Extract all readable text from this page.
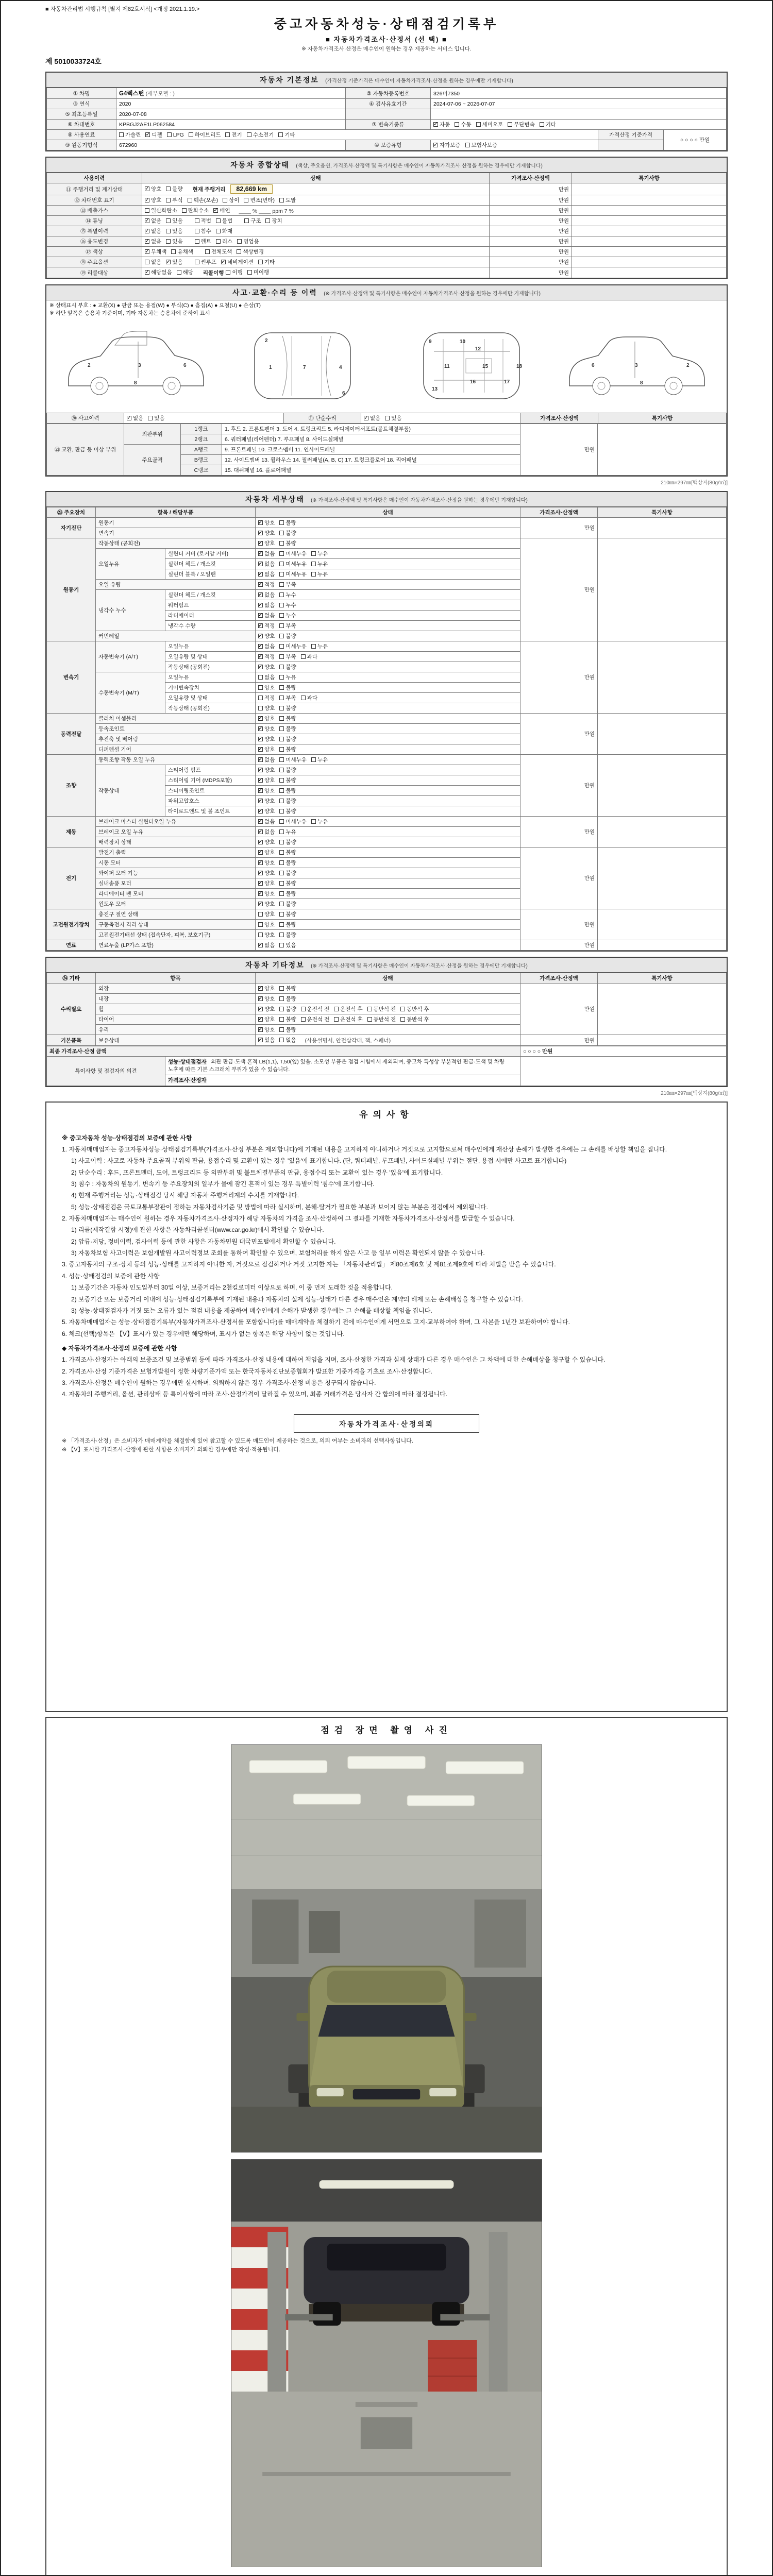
■ 자동차관리법 시행규칙 [별지 제82호서식] <개정 2021.1.19.>
중고자동차성능·상태점검기록부
■ 자동차가격조사·산정서 (선 택) ■
※ 자동차가격조사·산정은 매수인이 원하는 경우 제공하는 서비스 입니다.
제 5010033724호
자동차 기본정보 (가격산정 기준가격은 매수인이 자동차가격조사·산정을 원하는 경우에만 기재합니다)
① 차명	G4렉스턴 (세부모델 : )	② 자동차등록번호	326머7350		
③ 연식	2020	④ 검사유효기간	2024-07-06 ~ 2026-07-07		
⑤ 최초등록일	2020-07-08				
⑥ 차대번호	KPBGJ2AE1LP062584	⑦ 변속기종류	
✓자동 수동 세미오토 무단변속 기타

⑧ 사용연료	가솔린 ✓ 디젤 LPG 하이브리드 전기 수소전기 기타	가격산정 기준가격	○ ○ ○ ○ 만원
⑨ 원동기형식	672960	⑩ 보증유형	
✓자가보증 보험사보증

자동차 종합상태 (색상, 주요옵션, 가격조사·산정액 및 특기사항은 매수인이 자동차가격조사·산정을 원하는 경우에만 기재합니다)
사용이력	상태	가격조사·산정액	특기사항
⑪ 주행거리 및 계기상태	
✓양호 불량 현재 주행거리 82,669 km	만원	
⑫ 차대번호 표기	
✓양호 부식 훼손(오손) 상이 변조(변타) 도말	만원	
⑬ 배출가스	일산화탄소 탄화수소 ✓ 매연 ____ % ____ ppm 7 %	만원	
⑭ 튜닝	
✓없음 있음	적법 불법	구조 장치	만원	
⑮ 특별이력	
✓없음 있음 침수 화재	만원	
⑯ 용도변경	
✓없음 있음 렌트 리스 영업용	만원	
⑰ 색상	
✓무채색 유채색 전체도색 색상변경	만원	
⑱ 주요옵션	없음 ✓ 있음 썬루프 ✓ 네비게이션 기타	만원	
⑲ 리콜대상	
✓해당없음 해당 리콜이행 이행 미이행	만원	
사고·교환·수리 등 이력 (※ 가격조사·산정액 및 특기사항은 매수인이 자동차가격조사·산정을 원하는 경우에만 기재합니다)
※ 상태표시 부호 : ● 교환(X) ● 판금 또는 용접(W) ● 부식(C) ● 흠집(A) ● 요철(U) ● 손상(T)
※ 하단 앞쪽은 승용차 기준이며, 기타 자동차는 승용차에 준하여 표시
2	3	6
8
1	7	4
2
6
9	10
11
12
13
15
16	17
18	2
3
6
8
⑳ 사고이력	
✓없음 있음	㉑ 단순수리	
✓없음 있음	가격조사·산정액	특기사항
㉒ 교환, 판금 등 이상 부위	외판부위	1랭크	1. 후드 2. 프론트펜더 3. 도어 4. 트렁크리드 5. 라디에이터서포트(볼트체결부품)	만원	
		2랭크	6. 쿼터패널(리어펜더) 7. 루프패널 8. 사이드실패널		
	주요골격	A랭크	9. 프론트패널 10. 크로스멤버 11. 인사이드패널		
		B랭크	12. 사이드멤버 13. 휠하우스 14. 필러패널(A, B, C) 17. 트렁크플로어 18. 리어패널		
		C랭크	15. 대쉬패널 16. 플로어패널		
210㎜×297㎜[백상지(80g/㎡)]
자동차 세부상태 (※ 가격조사·산정액 및 특기사항은 매수인이 자동차가격조사·산정을 원하는 경우에만 기재합니다)
㉓ 주요장치	항목 / 해당부품		상태	가격조사·산정액	특기사항
자기진단	원동기	
✓양호 불량	만원	
	변속기	
✓양호 불량

원동기	작동상태 (공회전)	
✓양호 불량	만원	
	오일누유	실린더 커버 (로커암 커버)	
✓없음 미세누유 누유

		실린더 헤드 / 개스킷	
✓없음 미세누유 누유

		실린더 블록 / 오일팬	
✓없음 미세누유 누유

	오일 유량	
✓적정 부족

	냉각수 누수	실린더 헤드 / 개스킷	
✓없음 누수

		워터펌프	
✓없음 누수

		라디에이터	
✓없음 누수

		냉각수 수량	
✓적정 부족

	커먼레일	
✓양호 불량

변속기	자동변속기 (A/T)	오일누유	
✓없음 미세누유 누유	만원	
		오일유량 및 상태	
✓적정 부족 과다

		작동상태 (공회전)	
✓양호 불량

	수동변속기 (M/T)	오일누유	없음 누유		

		기어변속장치	양호 불량		

		오일유량 및 상태	적정 부족 과다		

		작동상태 (공회전)	양호 불량		

동력전달	클러치 어셈블리	
✓양호 불량	만원	
	등속조인트	
✓양호 불량

	추진축 및 베어링	
✓양호 불량

	디퍼렌셜 기어	
✓양호 불량

조향	동력조향 작동 오일 누유	
✓없음 미세누유 누유	만원	
	작동상태	스티어링 펌프	
✓양호 불량

		스티어링 기어 (MDPS포함)	
✓양호 불량

		스티어링조인트	
✓양호 불량

		파워고압호스	
✓양호 불량

		타이로드엔드 및 볼 조인트	
✓양호 불량

제동	브레이크 마스터 실린더오일 누유	
✓없음 미세누유 누유	만원	
	브레이크 오일 누유	
✓없음 누유

	배력장치 상태	
✓양호 불량

전기	발전기 출력	
✓양호 불량	만원	
	시동 모터	
✓양호 불량

	와이퍼 모터 기능	
✓양호 불량

	실내송풍 모터	
✓양호 불량

	라디에이터 팬 모터	
✓양호 불량

	윈도우 모터	
✓양호 불량

고전원전기장치	충전구 절연 상태		양호 불량	만원	
	구동축전지 격리 상태		양호 불량		

	고전원전기배선 상태 (접속단자, 피복, 보호기구)		양호 불량		

연료	연료누출 (LP가스 포함)	
✓없음 있음	만원	
자동차 기타정보 (※ 가격조사·산정액 및 특기사항은 매수인이 자동차가격조사·산정을 원하는 경우에만 기재합니다)
㉔ 기타	항목	상태	가격조사·산정액	특기사항
수리필요	외장	
✓양호 불량	만원	
	내장	
✓양호 불량

휠	
✓양호 불량 운전석 전 운전석 후 동반석 전 동반석 후

타이어	
✓양호 불량 운전석 전 운전석 후 동반석 전 동반석 후

	유리	
✓양호 불량

기본품목	보유상태	
✓있음 없음 (사용설명서, 안전삼각대, 잭, 스패너)	만원	
최종 가격조사·산정 금액		○ ○ ○ ○ 만원
특이사항 및 점검자의 의견	성능·상태점검자 외관 판금·도색 흔적 LB(1,1), T,50(옆) 있음. 소모성 부품은 점검 시험에서 제외되며, 중고차 특성상 부분적인 판금·도색 및 차량 노후에 따른 기본 스크래치 부위가 있을 수 있습니다.	
	가격조사·산정자	
210㎜×297㎜[백상지(80g/㎡)]
유의사항
※ 중고자동차 성능·상태점검의 보증에 관한 사항
1. 자동차매매업자는 중고자동차성능·상태점검기록부(가격조사·산정 부분은 제외합니다)에 기재된 내용을 고지하지 아니하거나 거짓으로 고지함으로써 매수인에게 재산상 손해가 발생한 경우에는 그 손해를 배상할 책임을 집니다.
1) 사고이력 : 사고로 자동차 주요골격 부위의 판금, 용접수리 및 교환이 있는 경우 '있음'에 표기합니다. (단, 쿼터패널, 루프패널, 사이드실패널 부위는 절단, 용접 시에만 사고로 표기합니다)
2) 단순수리 : 후드, 프론트펜더, 도어, 트렁크리드 등 외판부위 및 볼트체결부품의 판금, 용접수리 또는 교환이 있는 경우 '있음'에 표기합니다.
3) 침수 : 자동차의 원동기, 변속기 등 주요장치의 일부가 물에 잠긴 흔적이 있는 경우 특별이력 '침수'에 표기합니다.
4) 현재 주행거리는 성능·상태점검 당시 해당 자동차 주행거리계의 수치를 기재합니다.
5) 성능·상태점검은 국토교통부장관이 정하는 자동차검사기준 및 방법에 따라 실시하며, 분해·탈거가 필요한 부분과 보이지 않는 부분은 점검에서 제외됩니다.
2. 자동차매매업자는 매수인이 원하는 경우 자동차가격조사·산정자가 해당 자동차의 가격을 조사·산정하여 그 결과를 기재한 자동차가격조사·산정서를 발급할 수 있습니다.
1) 리콜(제작결함 시정)에 관한 사항은 자동차리콜센터(www.car.go.kr)에서 확인할 수 있습니다.
2) 압류·저당, 정비이력, 검사이력 등에 관한 사항은 자동차민원 대국민포털에서 확인할 수 있습니다.
3) 자동차보험 사고이력은 보험개발원 사고이력정보 조회를 통하여 확인할 수 있으며, 보험처리를 하지 않은 사고 등 일부 이력은 확인되지 않을 수 있습니다.
3. 중고자동차의 구조·장치 등의 성능·상태를 고지하지 아니한 자, 거짓으로 점검하거나 거짓 고지한 자는 「자동차관리법」 제80조제6호 및 제81조제9호에 따라 처벌을 받을 수 있습니다.
4. 성능·상태점검의 보증에 관한 사항
1) 보증기간은 자동차 인도일부터 30일 이상, 보증거리는 2천킬로미터 이상으로 하며, 이 중 먼저 도래한 것을 적용합니다.
2) 보증기간 또는 보증거리 이내에 성능·상태점검기록부에 기재된 내용과 자동차의 실제 성능·상태가 다른 경우 매수인은 계약의 해제 또는 손해배상을 청구할 수 있습니다.
3) 성능·상태점검자가 거짓 또는 오류가 있는 점검 내용을 제공하여 매수인에게 손해가 발생한 경우에는 그 손해를 배상할 책임을 집니다.
5. 자동차매매업자는 성능·상태점검기록부(자동차가격조사·산정서를 포함합니다)를 매매계약을 체결하기 전에 매수인에게 서면으로 고지·교부하여야 하며, 그 사본을 1년간 보관하여야 합니다.
6. 체크(선택)항목은 【V】표시가 있는 경우에만 해당하며, 표시가 없는 항목은 해당 사항이 없는 것입니다.
◆ 자동차가격조사·산정의 보증에 관한 사항
1. 가격조사·산정자는 아래의 보증조건 및 보증범위 등에 따라 가격조사·산정 내용에 대하여 책임을 지며, 조사·산정한 가격과 실제 상태가 다른 경우 매수인은 그 차액에 대한 손해배상을 청구할 수 있습니다.
2. 가격조사·산정 기준가격은 보험개발원이 정한 차량기준가액 또는 한국자동차진단보증협회가 발표한 기준가격을 기초로 조사·산정합니다.
3. 가격조사·산정은 매수인이 원하는 경우에만 실시하며, 의뢰하지 않은 경우 가격조사·산정 비용은 청구되지 않습니다.
4. 자동차의 주행거리, 옵션, 관리상태 등 특이사항에 따라 조사·산정가격이 달라질 수 있으며, 최종 거래가격은 당사자 간 합의에 따라 결정됩니다.
자동차가격조사·산정의뢰
※ 「가격조사·산정」은 소비자가 매매계약을 체결함에 있어 참고할 수 있도록 매도인이 제공하는 것으로, 의뢰 여부는 소비자의 선택사항입니다.
※ 【V】표시한 가격조사·산정에 관한 사항은 소비자가 의뢰한 경우에만 작성·적용됩니다.
점검 장면 촬영 사진
